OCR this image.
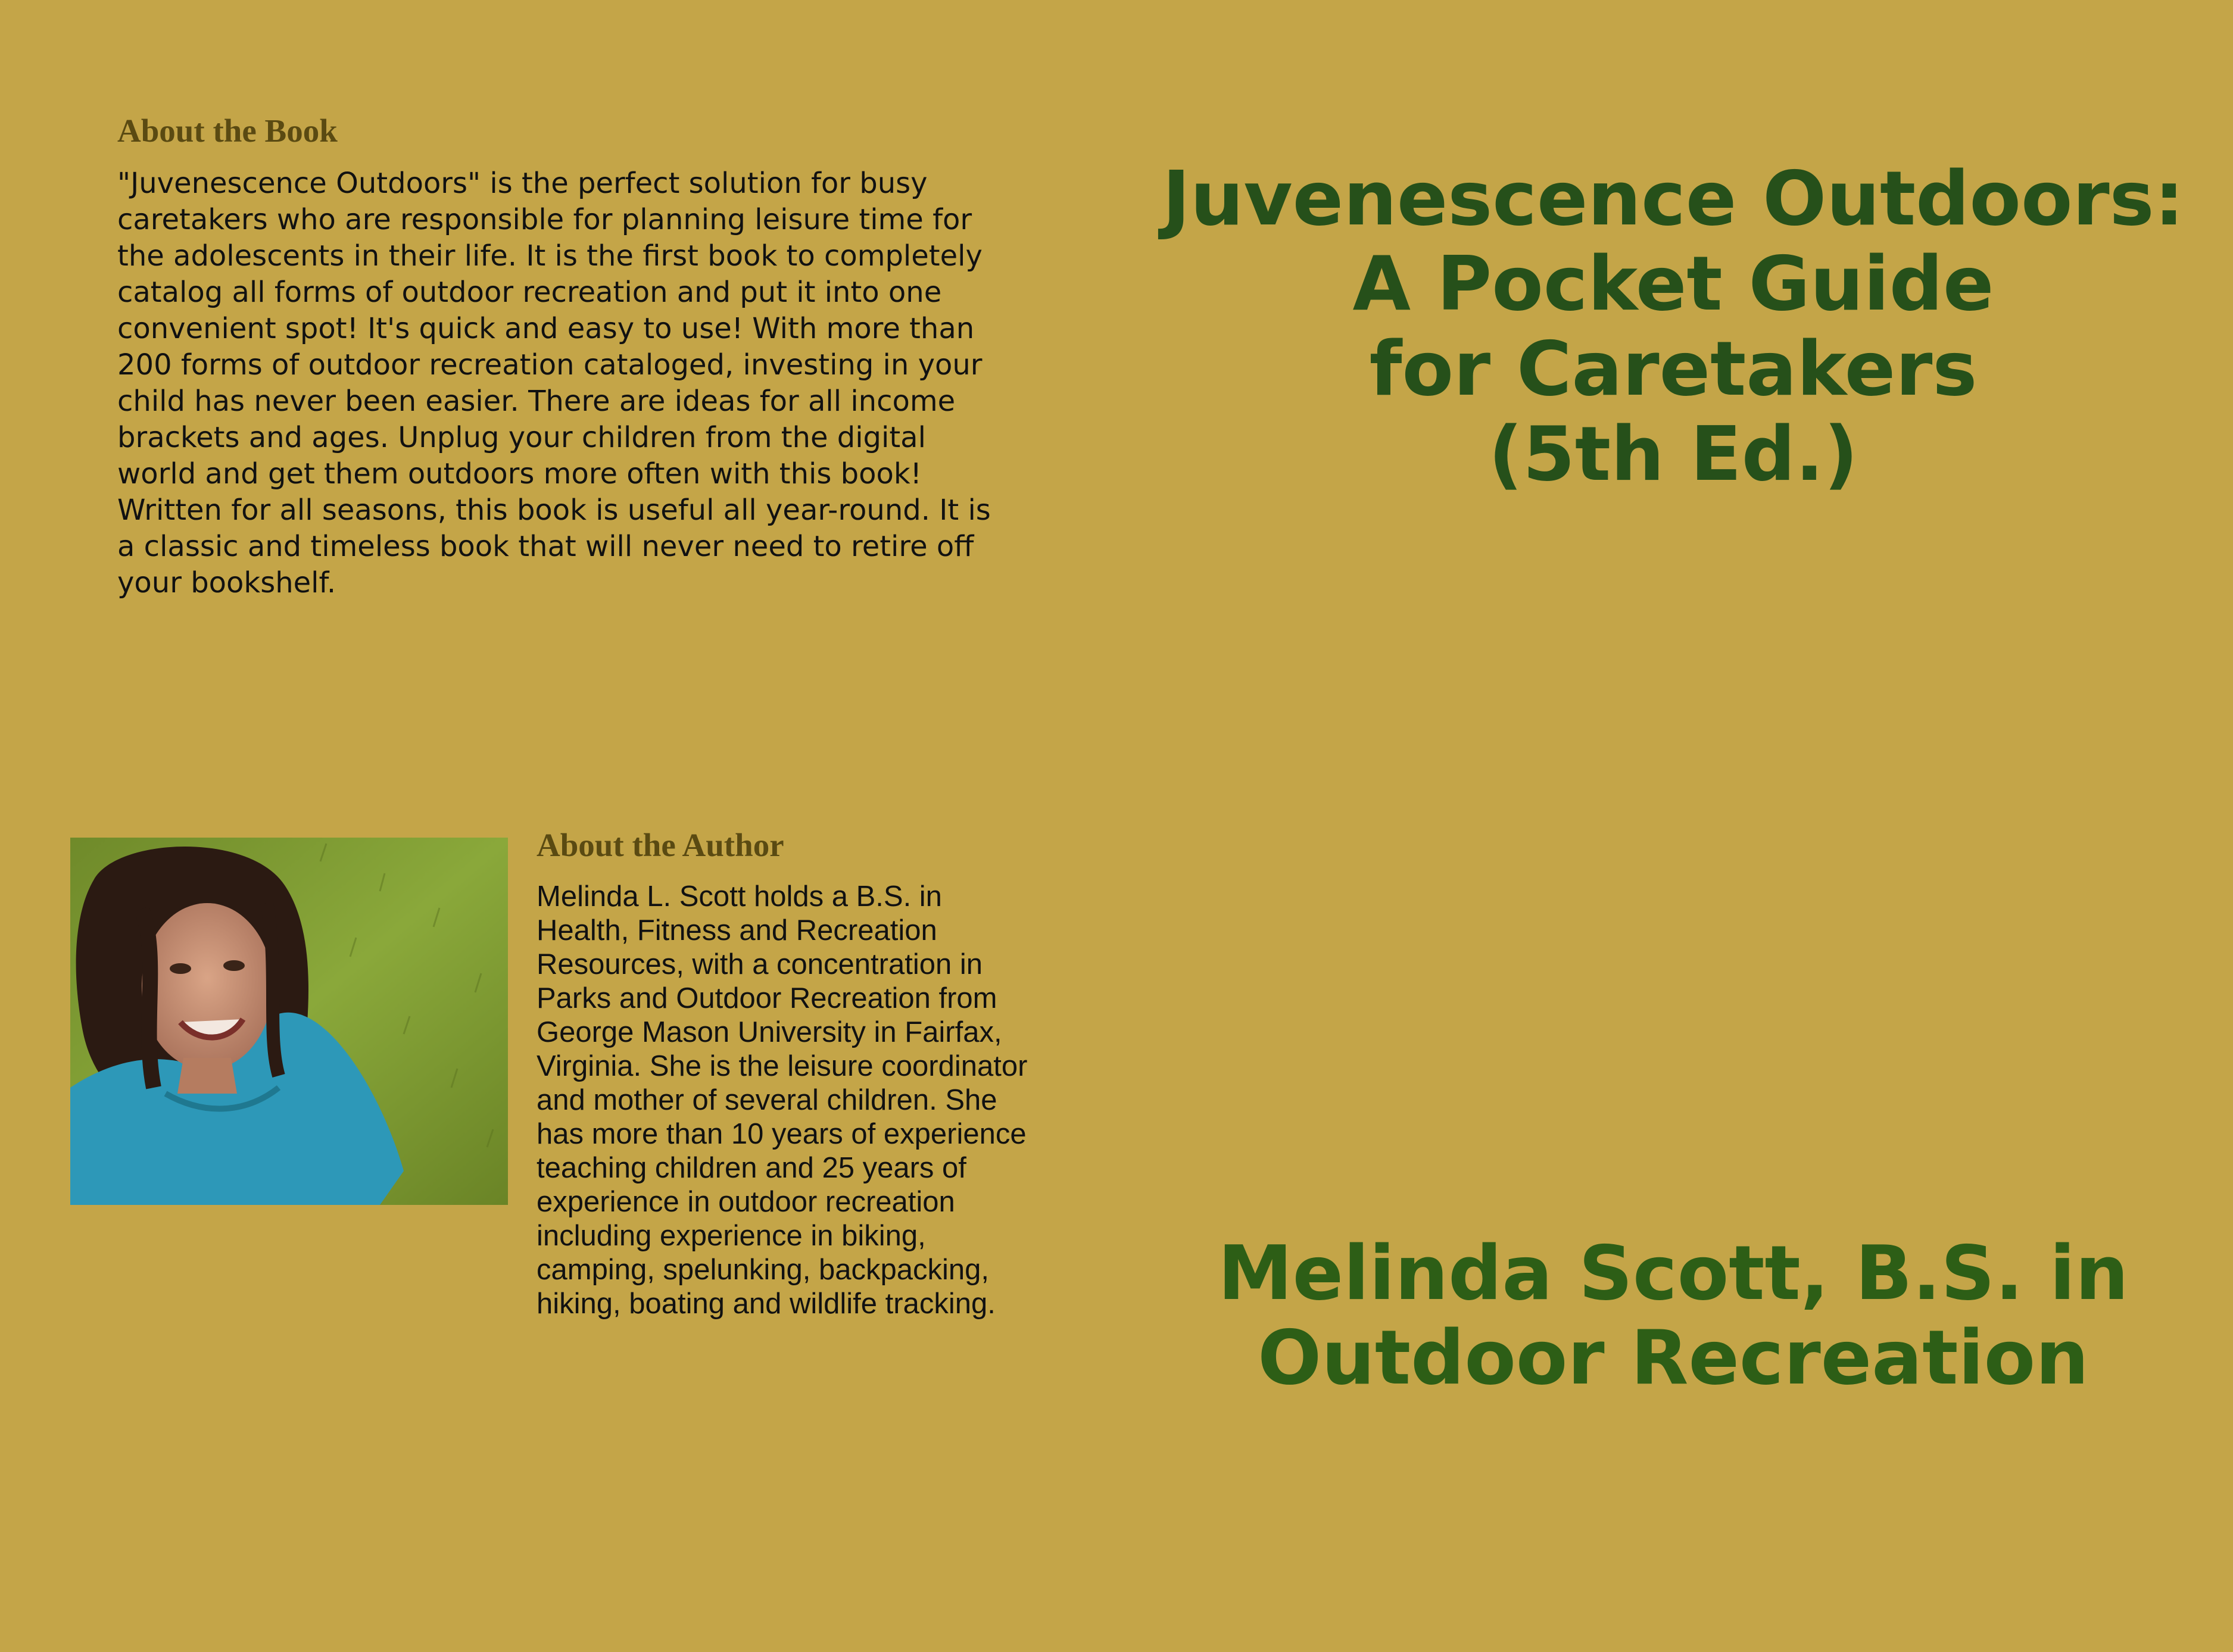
About the Book

"Juvenescence Outdoors" is the perfect solution for busy caretakers who are responsible for planning leisure time for the adolescents in their life. It is the first book to completely catalog all forms of outdoor recreation and put it into one convenient spot! It's quick and easy to use! With more than 200 forms of outdoor recreation cataloged, investing in your child has never been easier. There are ideas for all income brackets and ages. Unplug your children from the digital world and get them outdoors more often with this book! Written for all seasons, this book is useful all year-round. It is a classic and timeless book that will never need to retire off your bookshelf.

About the Author

Melinda L. Scott holds a B.S. in Health, Fitness and Recreation Resources, with a concentration in Parks and Outdoor Recreation from George Mason University in Fairfax, Virginia. She is the leisure coordinator and mother of several children. She has more than 10 years of experience teaching children and 25 years of experience in outdoor recreation including experience in biking, camping, spelunking, backpacking, hiking, boating and wildlife tracking.

Juvenescence Outdoors:
A Pocket Guide
for Caretakers
(5th Ed.)
Melinda Scott, B.S. in
Outdoor Recreation
